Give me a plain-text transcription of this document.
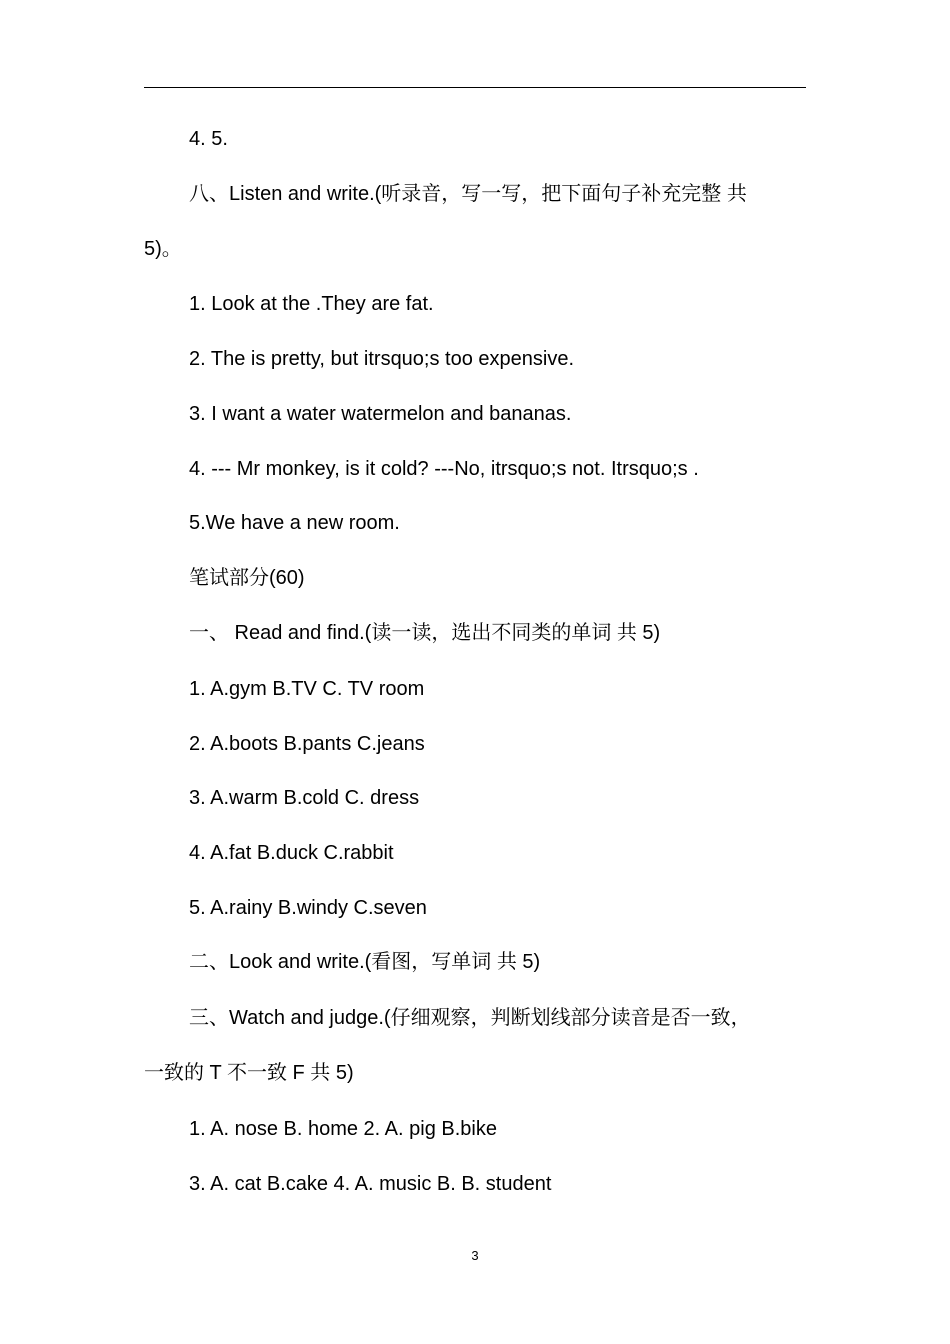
4. 5.
八、Listen and write.(听录音，写一写，把下面句子补充完整 共
5)。
1. Look at the .They are fat.
2. The is pretty, but itrsquo;s too expensive.
3. I want a water watermelon and bananas.
4. --- Mr monkey, is it cold? ---No, itrsquo;s not. Itrsquo;s .
5.We have a new room.
笔试部分(60)
一、 Read and find.(读一读，选出不同类的单词 共 5)
1. A.gym B.TV C. TV room
2. A.boots B.pants C.jeans
3. A.warm B.cold C. dress
4. A.fat B.duck C.rabbit
5. A.rainy B.windy C.seven
二、Look and write.(看图，写单词 共 5)
三、Watch and judge.(仔细观察，判断划线部分读音是否一致，
一致的 T 不一致 F 共 5)
1. A. nose B. home 2. A. pig B.bike
3. A. cat B.cake 4. A. music B. B. student
3
